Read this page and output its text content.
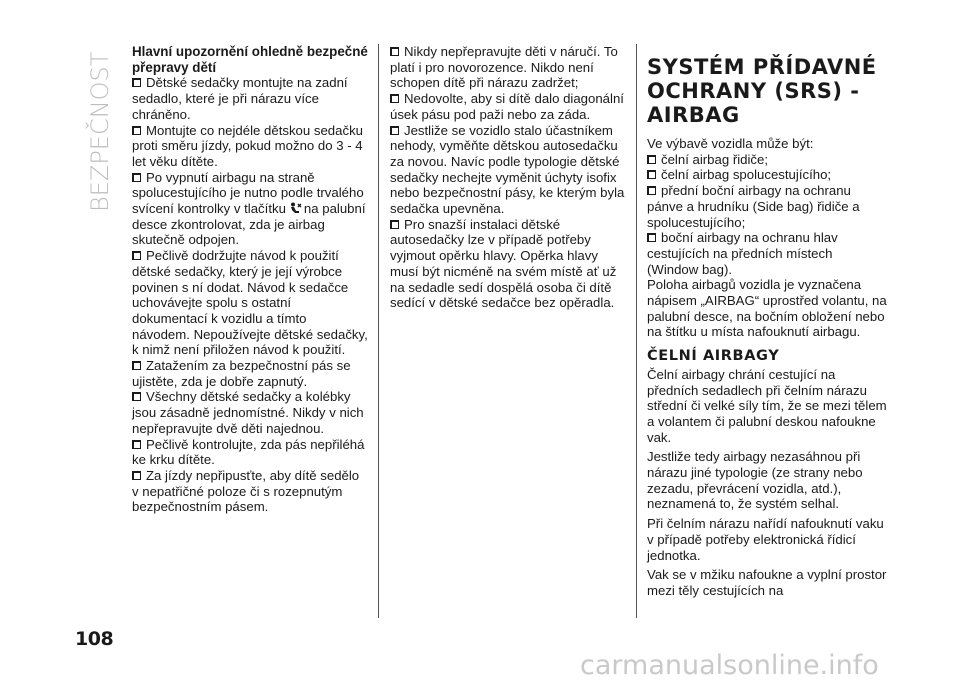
BEZPEČNOST

Hlavní upozornění ohledně bezpečné přepravy dětí

Dětské sedačky montujte na zadní sedadlo, které je při nárazu více chráněno.

Montujte co nejdéle dětskou sedačku proti směru jízdy, pokud možno do 3 - 4 let věku dítěte.

Po vypnutí airbagu na straně spolucestujícího je nutno podle trvalého svícení kontrolky v tlačítku na palubní desce zkontrolovat, zda je airbag skutečně odpojen.

Pečlivě dodržujte návod k použití dětské sedačky, který je její výrobce povinen s ní dodat. Návod k sedačce uchovávejte spolu s ostatní dokumentací k vozidlu a tímto návodem. Nepoužívejte dětské sedačky, k nimž není přiložen návod k použití.

Zatažením za bezpečnostní pás se ujistěte, zda je dobře zapnutý.

Všechny dětské sedačky a kolébky jsou zásadně jednomístné. Nikdy v nich nepřepravujte dvě děti najednou.

Pečlivě kontrolujte, zda pás nepřiléhá ke krku dítěte.

Za jízdy nepřipusťte, aby dítě sedělo v nepatřičné poloze či s rozepnutým bezpečnostním pásem.

Nikdy nepřepravujte děti v náručí. To platí i pro novorozence. Nikdo není schopen dítě při nárazu zadržet;

Nedovolte, aby si dítě dalo diagonální úsek pásu pod paži nebo za záda.

Jestliže se vozidlo stalo účastníkem nehody, vyměňte dětskou autosedačku za novou. Navíc podle typologie dětské sedačky nechejte vyměnit úchyty isofix nebo bezpečnostní pásy, ke kterým byla sedačka upevněna.

Pro snazší instalaci dětské autosedačky lze v případě potřeby vyjmout opěrku hlavy. Opěrka hlavy musí být nicméně na svém místě ať už na sedadle sedí dospělá osoba či dítě sedící v dětské sedačce bez opěradla.

SYSTÉM PŘÍDAVNÉ OCHRANY (SRS) - AIRBAG

Ve výbavě vozidla může být:

čelní airbag řidiče;

čelní airbag spolucestujícího;

přední boční airbagy na ochranu pánve a hrudníku (Side bag) řidiče a spolucestujícího;

boční airbagy na ochranu hlav cestujících na předních místech (Window bag).

Poloha airbagů vozidla je vyznačena nápisem „AIRBAG“ uprostřed volantu, na palubní desce, na bočním obložení nebo na štítku u místa nafouknutí airbagu.

ČELNÍ AIRBAGY

Čelní airbagy chrání cestující na předních sedadlech při čelním nárazu střední či velké síly tím, že se mezi tělem a volantem či palubní deskou nafoukne vak.

Jestliže tedy airbagy nezasáhnou při nárazu jiné typologie (ze strany nebo zezadu, převrácení vozidla, atd.), neznamená to, že systém selhal.

Při čelním nárazu nařídí nafouknutí vaku v případě potřeby elektronická řídicí jednotka.

Vak se v mžiku nafoukne a vyplní prostor mezi těly cestujících na

108
carmanualsonline.info
